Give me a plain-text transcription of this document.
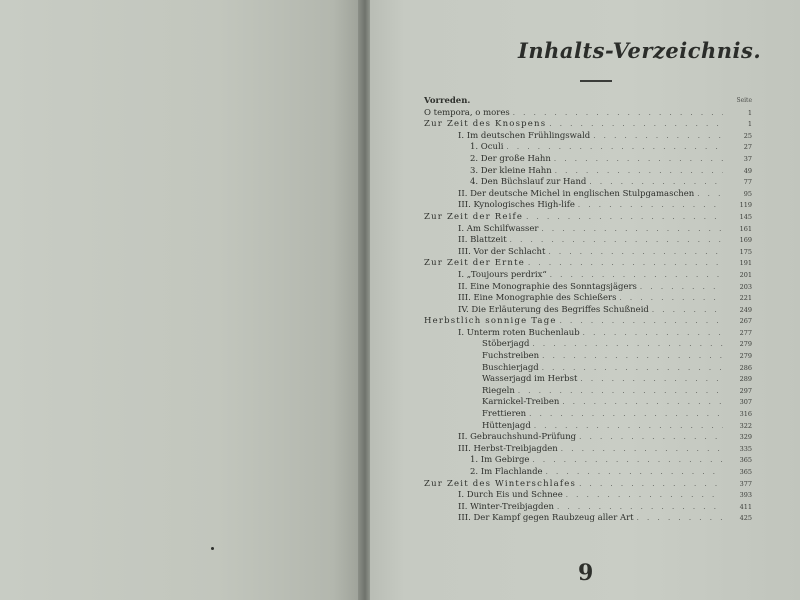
Inhalts-Verzeichnis.
Seite
Vorreden.
O tempora, o mores . . .	1
Zur Zeit des Knospens . . .	1
I. Im deutschen Frühlingswald . . .	25
1. Oculi . . .	27
2. Der große Hahn . . .	37
3. Der kleine Hahn . . .	49
4. Den Büchslauf zur Hand . . .	77
II. Der deutsche Michel in englischen Stulpgamaschen . . .	95
III. Kynologisches High-life . . .	119
Zur Zeit der Reife . . .	145
I. Am Schilfwasser . . .	161
II. Blattzeit . . .	169
III. Vor der Schlacht . . .	175
Zur Zeit der Ernte . . .	191
I. „Toujours perdrix“ . . .	201
II. Eine Monographie des Sonntagsjägers . . .	203
III. Eine Monographie des Schießers . . .	221
IV. Die Erläuterung des Begriffes Schußneid . . .	249
Herbstlich sonnige Tage . . .	267
I. Unterm roten Buchenlaub . . .	277
Stöberjagd . . .	279
Fuchstreiben . . .	279
Buschierjagd . . .	286
Wasserjagd im Herbst . . .	289
Riegeln . . .	297
Karnickel-Treiben . . .	307
Frettieren . . .	316
Hüttenjagd . . .	322
II. Gebrauchshund-Prüfung . . .	329
III. Herbst-Treibjagden . . .	335
1. Im Gebirge . . .	365
2. Im Flachlande . . .	365
Zur Zeit des Winterschlafes . . .	377
I. Durch Eis und Schnee . . .	393
II. Winter-Treibjagden . . .	411
III. Der Kampf gegen Raubzeug aller Art . . .	425
9
